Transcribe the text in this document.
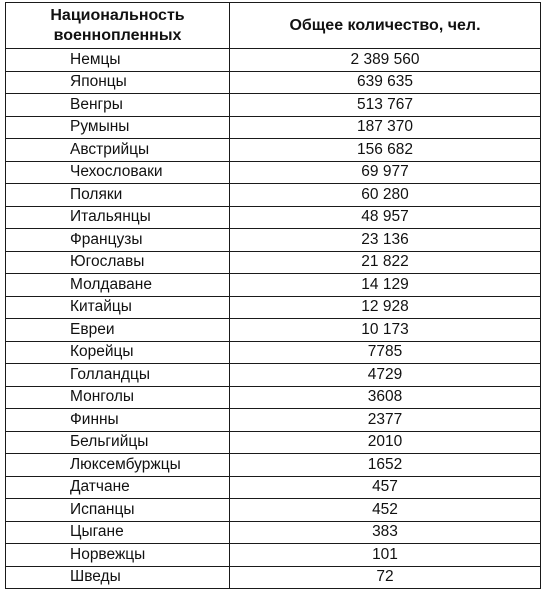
Национальность военнопленных	Общее количество, чел.
Немцы	2 389 560
Японцы	639 635
Венгры	513 767
Румыны	187 370
Австрийцы	156 682
Чехословаки	69 977
Поляки	60 280
Итальянцы	48 957
Французы	23 136
Югославы	21 822
Молдаване	14 129
Китайцы	12 928
Евреи	10 173
Корейцы	7785
Голландцы	4729
Монголы	3608
Финны	2377
Бельгийцы	2010
Люксембуржцы	1652
Датчане	457
Испанцы	452
Цыгане	383
Норвежцы	101
Шведы	72
